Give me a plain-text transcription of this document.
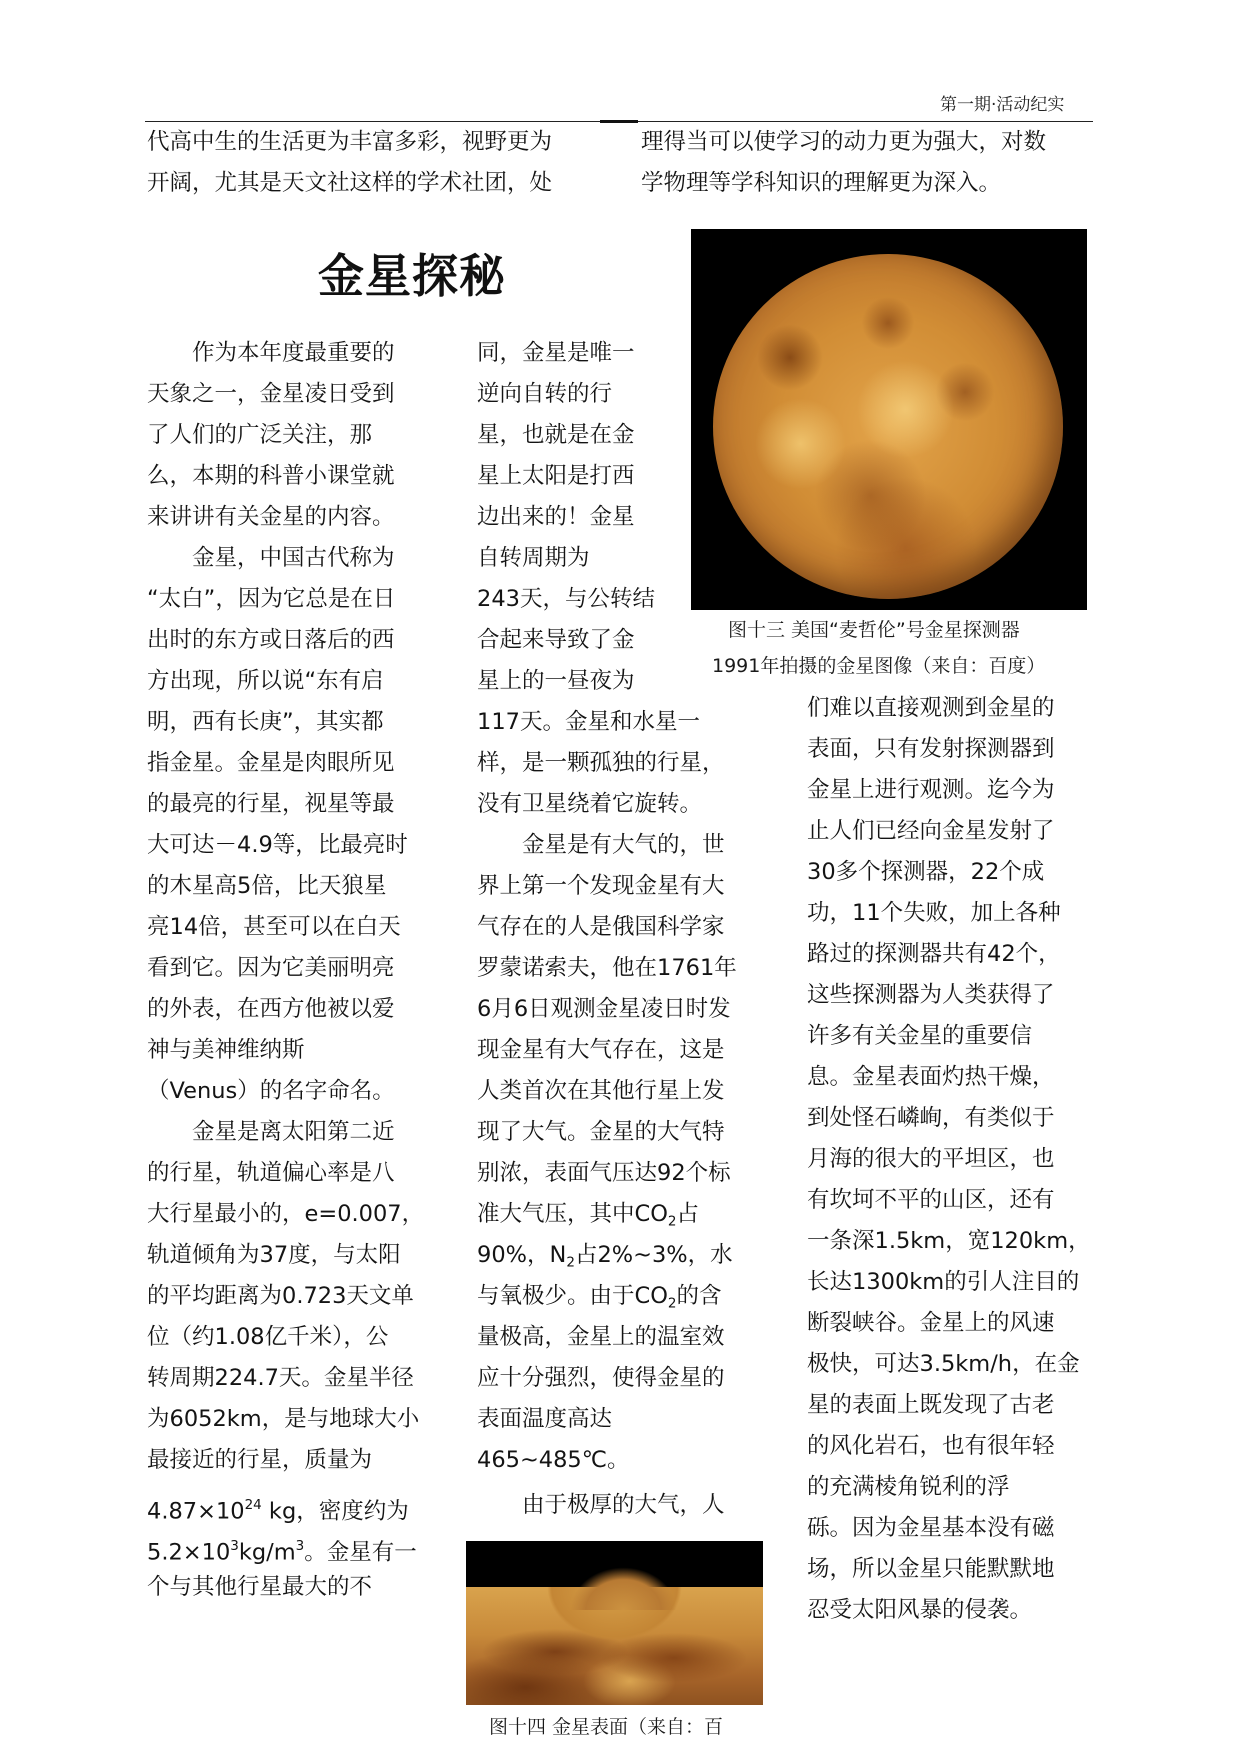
第一期·活动纪实
代高中生的生活更为丰富多彩，视野更为
开阔，尤其是天文社这样的学术社团，处
理得当可以使学习的动力更为强大，对数
学物理等学科知识的理解更为深入。
金星探秘
图十三 美国“麦哲伦”号金星探测器
1991年拍摄的金星图像（来自：百度）
　　作为本年度最重要的
天象之一，金星凌日受到
了人们的广泛关注，那
么，本期的科普小课堂就
来讲讲有关金星的内容。
　　金星，中国古代称为
“太白”，因为它总是在日
出时的东方或日落后的西
方出现，所以说“东有启
明，西有长庚”，其实都
指金星。金星是肉眼所见
的最亮的行星，视星等最
大可达－4.9等，比最亮时
的木星高5倍，比天狼星
亮14倍，甚至可以在白天
看到它。因为它美丽明亮
的外表，在西方他被以爱
神与美神维纳斯
（Venus）的名字命名。
　　金星是离太阳第二近
的行星，轨道偏心率是八
大行星最小的，e=0.007，
轨道倾角为37度，与太阳
的平均距离为0.723天文单
位（约1.08亿千米），公
转周期224.7天。金星半径
为6052km，是与地球大小
最接近的行星，质量为
$4.87\times 10^{24}$ kg，密度约为
$5.2\times 10^3kg/m^3$。金星有一
个与其他行星最大的不
同，金星是唯一
逆向自转的行
星，也就是在金
星上太阳是打西
边出来的！金星
自转周期为
243天，与公转结
合起来导致了金
星上的一昼夜为
117天。金星和水星一
样，是一颗孤独的行星，
没有卫星绕着它旋转。
　　金星是有大气的，世
界上第一个发现金星有大
气存在的人是俄国科学家
罗蒙诺索夫，他在1761年
6月6日观测金星凌日时发
现金星有大气存在，这是
人类首次在其他行星上发
现了大气。金星的大气特
别浓，表面气压达92个标
准大气压，其中$CO_2$占
90%，$N_2$占2%~3%，水
与氧极少。由于$CO_2$的含
量极高，金星上的温室效
应十分强烈，使得金星的
表面温度高达
465~485℃。
　　由于极厚的大气，人
图十四 金星表面（来自：百
们难以直接观测到金星的
表面，只有发射探测器到
金星上进行观测。迄今为
止人们已经向金星发射了
30多个探测器，22个成
功，11个失败，加上各种
路过的探测器共有42个，
这些探测器为人类获得了
许多有关金星的重要信
息。金星表面灼热干燥，
到处怪石嶙峋，有类似于
月海的很大的平坦区，也
有坎坷不平的山区，还有
一条深1.5km，宽120km，
长达1300km的引人注目的
断裂峡谷。金星上的风速
极快，可达3.5km/h，在金
星的表面上既发现了古老
的风化岩石，也有很年轻
的充满棱角锐利的浮
砾。因为金星基本没有磁
场，所以金星只能默默地
忍受太阳风暴的侵袭。
